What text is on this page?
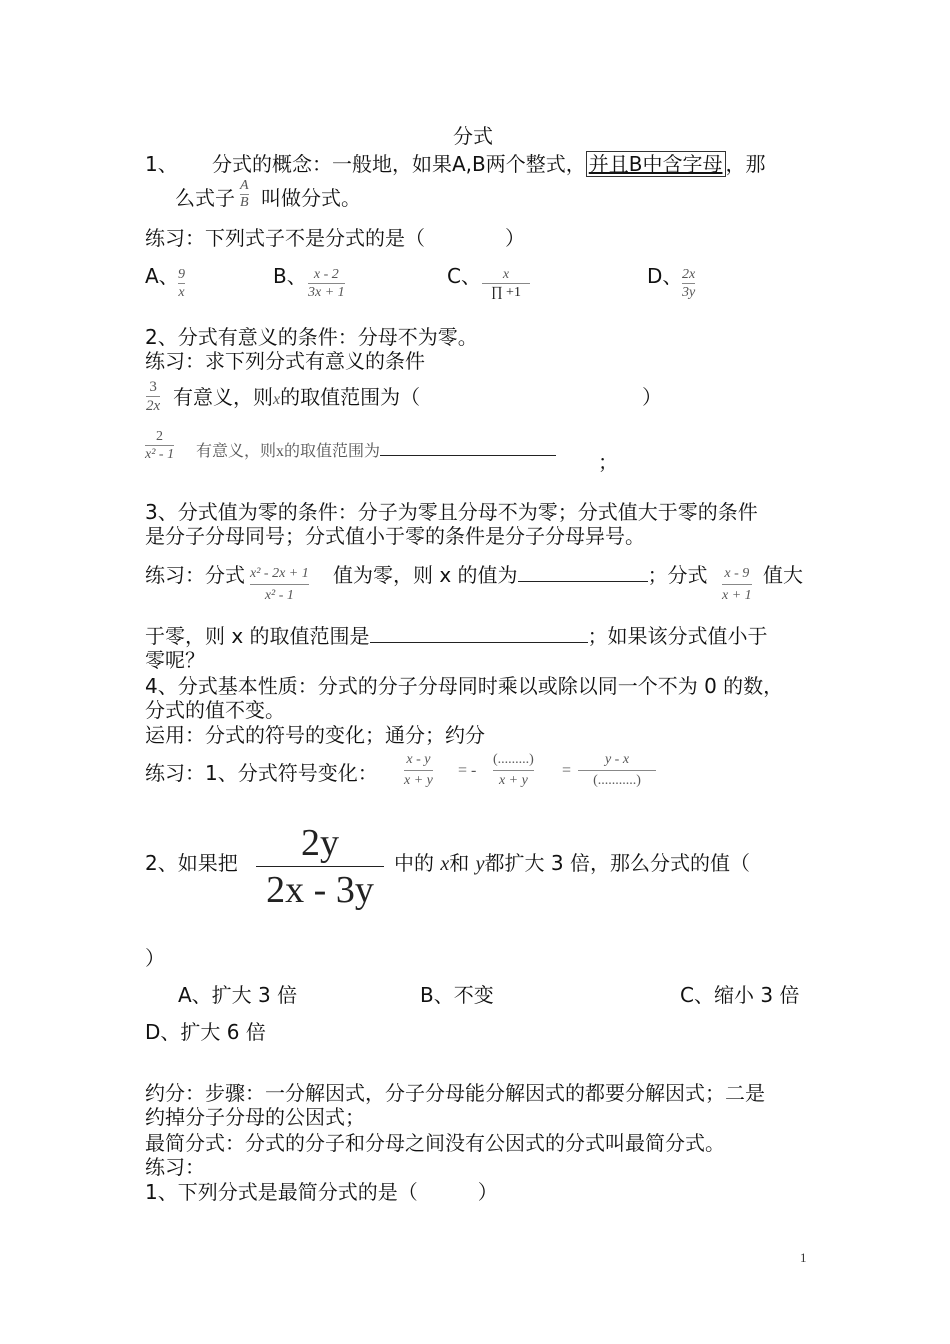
分式
1、 分式的概念：一般地，如果A,B两个整式， 并且B中含字母 ，那
么式子
A
B 叫做分式。
练习：下列式子不是分式的是（　　　　）
A、 9
x
B、 x - 2
3x + 1
C、 x
∏ +1
D、 2x
3y
2、分式有意义的条件：分母不为零。
练习：求下列分式有意义的条件
3
2x 有意义，则x的取值范围为（	）
2
x² - 1 有意义，则x的取值范围为	；
3、分式值为零的条件：分子为零且分母不为零；分式值大于零的条件
是分子分母同号；分式值小于零的条件是分子分母异号。
练习：分式 x² - 2x + 1
x² - 1
值为零，则 x 的值为	；分式 x - 9
x + 1
值大
于零，则 x 的取值范围是	；如果该分式值小于
零呢？
4、分式基本性质：分式的分子分母同时乘以或除以同一个不为 0 的数，
分式的值不变。
运用：分式的符号的变化；通分；约分
练习：1、分式符号变化：
x - y
x + y
= -
(.........)
x + y
=
y - x
(...........)
2、如果把 2y
2x - 3y
中的 x和 y都扩大 3 倍，那么分式的值（
）
A、扩大 3 倍	B、不变	C、缩小 3 倍
D、扩大 6 倍
约分：步骤：一分解因式，分子分母能分解因式的都要分解因式；二是
约掉分子分母的公因式；
最简分式：分式的分子和分母之间没有公因式的分式叫最简分式。
练习：
1、下列分式是最简分式的是（　　　）
1
